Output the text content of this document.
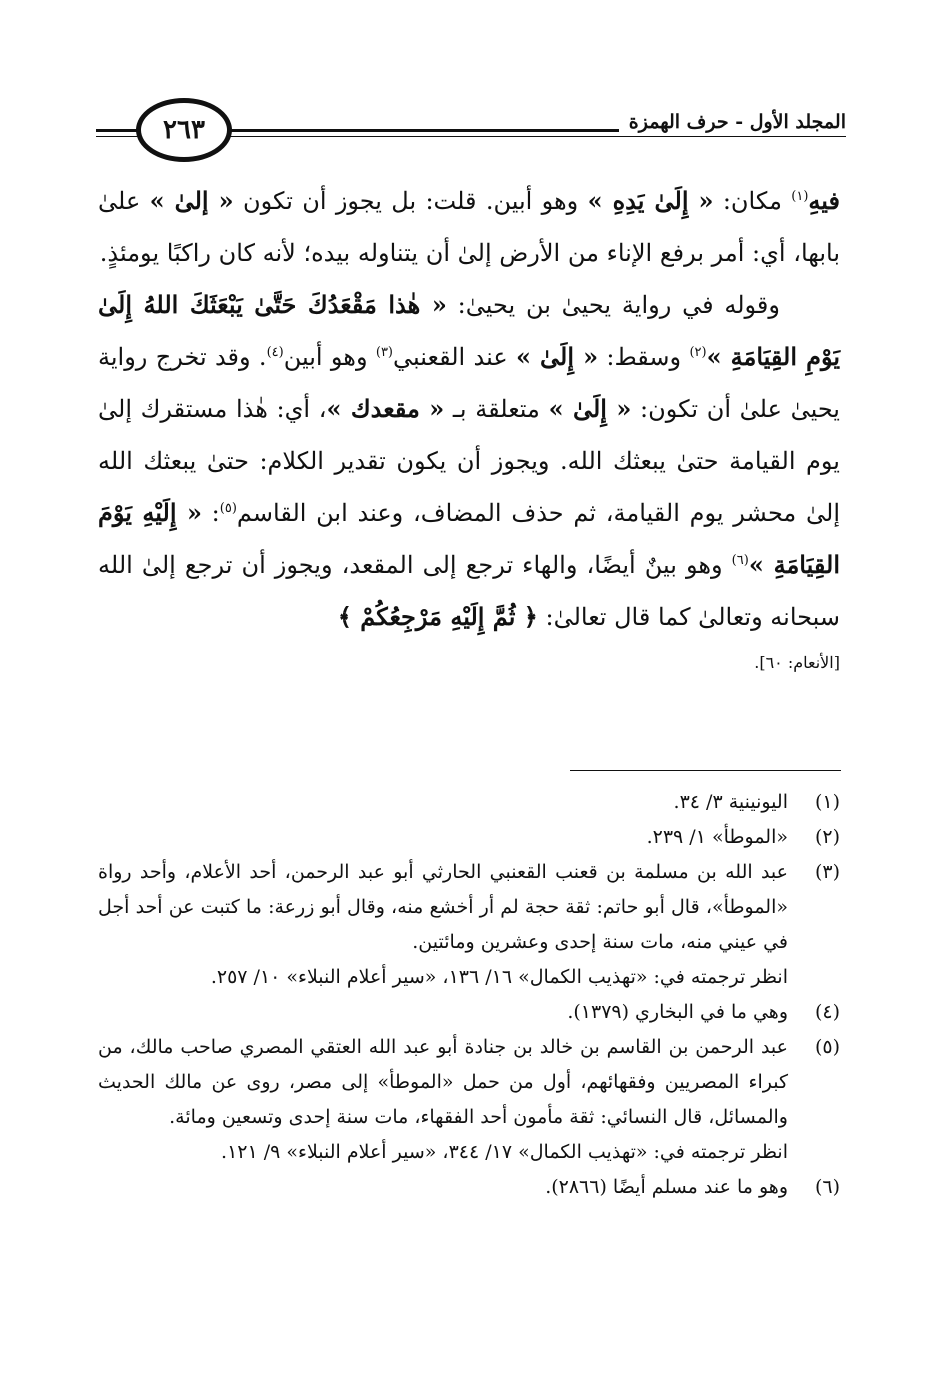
٢٦٣	المجلد الأول - حرف الهمزة

فيهِ$^{(١)}$ مكان: « إِلَىٰ يَدِهِ » وهو أبين. قلت: بل يجوز أن تكون « إلىٰ » علىٰ بابها، أي: أمر برفع الإناء من الأرض إلىٰ أن يتناوله بيده؛ لأنه كان راكبًا يومئذٍ.

وقوله في رواية يحيىٰ بن يحيىٰ: « هٰذا مَقْعَدُكَ حَتَّىٰ يَبْعَثَكَ اللهُ إِلَىٰ يَوْمِ القِيَامَةِ »$^{(٢)}$ وسقط: « إِلَىٰ » عند القعنبي$^{(٣)}$ وهو أبين$^{(٤)}$. وقد تخرج رواية يحيىٰ علىٰ أن تكون: « إِلَىٰ » متعلقة بـ « مقعدك »، أي: هٰذا مستقرك إلىٰ يوم القيامة حتىٰ يبعثك الله. ويجوز أن يكون تقدير الكلام: حتىٰ يبعثك الله إلىٰ محشر يوم القيامة، ثم حذف المضاف، وعند ابن القاسم$^{(٥)}$: « إِلَيْهِ يَوْمَ القِيَامَةِ »$^{(٦)}$ وهو بينٌ أيضًا، والهاء ترجع إلى المقعد، ويجوز أن ترجع إلىٰ الله سبحانه وتعالىٰ كما قال تعالىٰ: ﴿ ثُمَّ إِلَيْهِ مَرْجِعُكُمْ ﴾

[الأنعام: ٦٠].

(١)

اليونينية ٣/ ٣٤.

(٢)

«الموطأ» ١/ ٢٣٩.

(٣)

عبد الله بن مسلمة بن قعنب القعنبي الحارثي أبو عبد الرحمن، أحد الأعلام، وأحد رواة «الموطأ»، قال أبو حاتم: ثقة حجة لم أر أخشع منه، وقال أبو زرعة: ما كتبت عن أحد أجل في عيني منه، مات سنة إحدى وعشرين ومائتين.

انظر ترجمته في: «تهذيب الكمال» ١٦/ ١٣٦، «سير أعلام النبلاء» ١٠/ ٢٥٧.

(٤)

وهي ما في البخاري (١٣٧٩).

(٥)

عبد الرحمن بن القاسم بن خالد بن جنادة أبو عبد الله العتقي المصري صاحب مالك، من كبراء المصريين وفقهائهم، أول من حمل «الموطأ» إلى مصر، روى عن مالك الحديث والمسائل، قال النسائي: ثقة مأمون أحد الفقهاء، مات سنة إحدى وتسعين ومائة.

انظر ترجمته في: «تهذيب الكمال» ١٧/ ٣٤٤، «سير أعلام النبلاء» ٩/ ١٢١.

(٦)

وهو ما عند مسلم أيضًا (٢٨٦٦).
